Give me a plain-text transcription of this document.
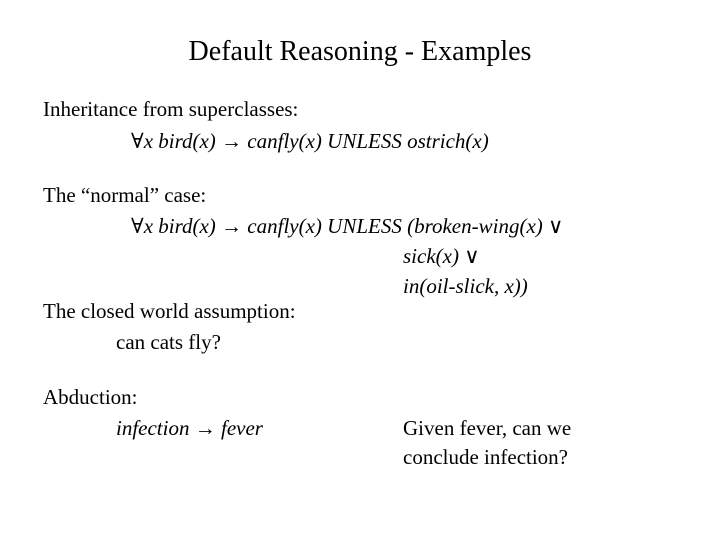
Default Reasoning - Examples
Inheritance from superclasses:
∀x bird(x) → canfly(x) UNLESS ostrich(x)
The “normal” case:
∀x bird(x) → canfly(x) UNLESS (broken-wing(x) ∨
sick(x) ∨
in(oil-slick, x))
The closed world assumption:
can cats fly?
Abduction:
infection → fever	Given fever, can we
conclude infection?
